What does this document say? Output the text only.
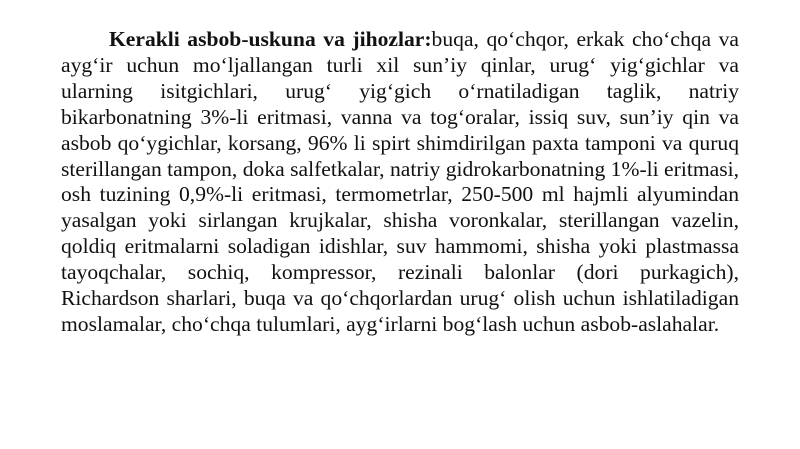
Kerakli asbob-uskuna va jihozlar:buqa, qo‘chqor, erkak cho‘chqa va ayg‘ir uchun mo‘ljallangan turli xil sun’iy qinlar, urug‘ yig‘gichlar va ularning isitgichlari, urug‘ yig‘gich o‘rnatiladigan taglik, natriy bikarbonatning 3%-li eritmasi, vanna va tog‘oralar, issiq suv, sun’iy qin va asbob qo‘ygichlar, korsang, 96% li spirt shimdirilgan paxta tamponi va quruq sterillangan tampon, doka salfetkalar, natriy gidrokarbonatning 1%-li eritmasi, osh tuzining 0,9%-li eritmasi, termometrlar, 250-500 ml hajmli alyumindan yasalgan yoki sirlangan krujkalar, shisha voronkalar, sterillangan vazelin, qoldiq eritmalarni soladigan idishlar, suv hammomi, shisha yoki plastmassa tayoqchalar, sochiq, kompressor, rezinali balonlar (dori purkagich), Richardson sharlari, buqa va qo‘chqorlardan urug‘ olish uchun ishlatiladigan moslamalar, cho‘chqa tulumlari, ayg‘irlarni bog‘lash uchun asbob-aslahalar.
